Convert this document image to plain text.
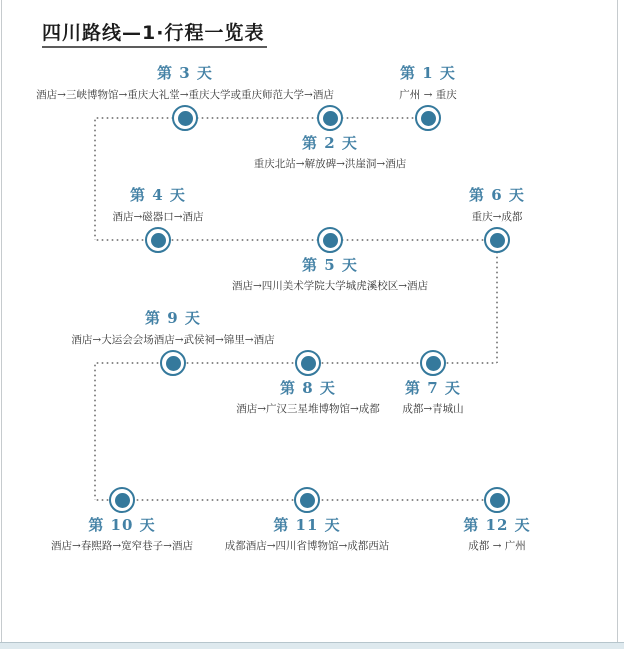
四川路线—1·行程一览表
第 3 天
酒店→三峡博物馆→重庆大礼堂→重庆大学或重庆师范大学→酒店
第 2 天
重庆北站→解放碑→洪崖洞→酒店
第 1 天
广州 → 重庆
第 4 天
酒店→磁器口→酒店
第 5 天
酒店→四川美术学院大学城虎溪校区→酒店
第 6 天
重庆→成都
第 9 天
酒店→大运会会场酒店→武侯祠→锦里→酒店
第 8 天
酒店→广汉三星堆博物馆→成都
第 7 天
成都→青城山
第 10 天
酒店→春熙路→宽窄巷子→酒店
第 11 天
成都酒店→四川省博物馆→成都西站
第 12 天
成都 → 广州
